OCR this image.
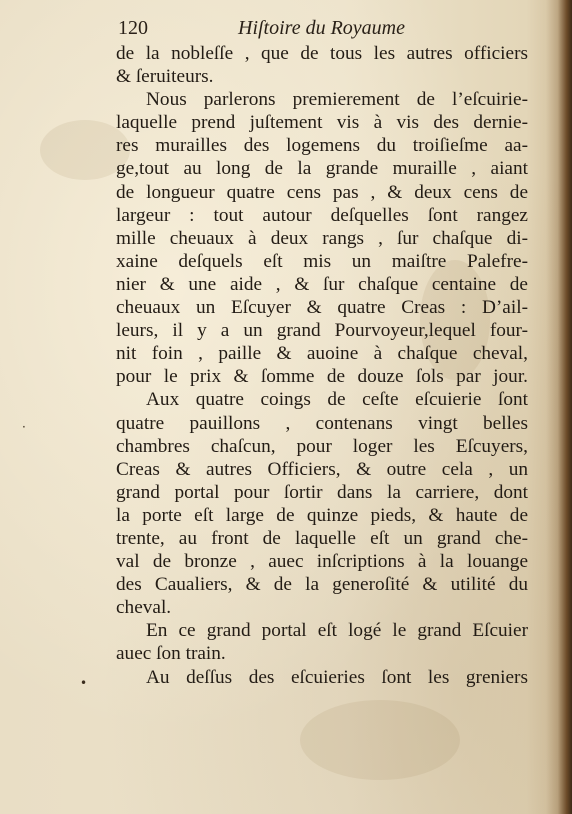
120	Hiſtoire du Royaume
de la nobleſſe , que de tous les autres officiers
& ſeruiteurs.
Nous parlerons premierement de l’eſcuirie-
laquelle prend juſtement vis à vis des dernie-
res murailles des logemens du troiſieſme aa-
ge,tout au long de la grande muraille , aiant
de longueur quatre cens pas , & deux cens de
largeur : tout autour deſquelles ſont rangez
mille cheuaux à deux rangs , ſur chaſque di-
xaine deſquels eſt mis un maiſtre Palefre-
nier & une aide , & ſur chaſque centaine de
cheuaux un Eſcuyer & quatre Creas : D’ail-
leurs, il y a un grand Pourvoyeur,lequel four-
nit foin , paille & auoine à chaſque cheval,
pour le prix & ſomme de douze ſols par jour.
Aux quatre coings de ceſte eſcuierie ſont
quatre pauillons , contenans vingt belles
chambres chaſcun, pour loger les Eſcuyers,
Creas & autres Officiers, & outre cela , un
grand portal pour ſortir dans la carriere, dont
la porte eſt large de quinze pieds, & haute de
trente, au front de laquelle eſt un grand che-
val de bronze , auec inſcriptions à la louange
des Caualiers, & de la generoſité & utilité du
cheval.
En ce grand portal eſt logé le grand Eſcuier
auec ſon train.
Au deſſus des eſcuieries ſont les greniers
•
·
